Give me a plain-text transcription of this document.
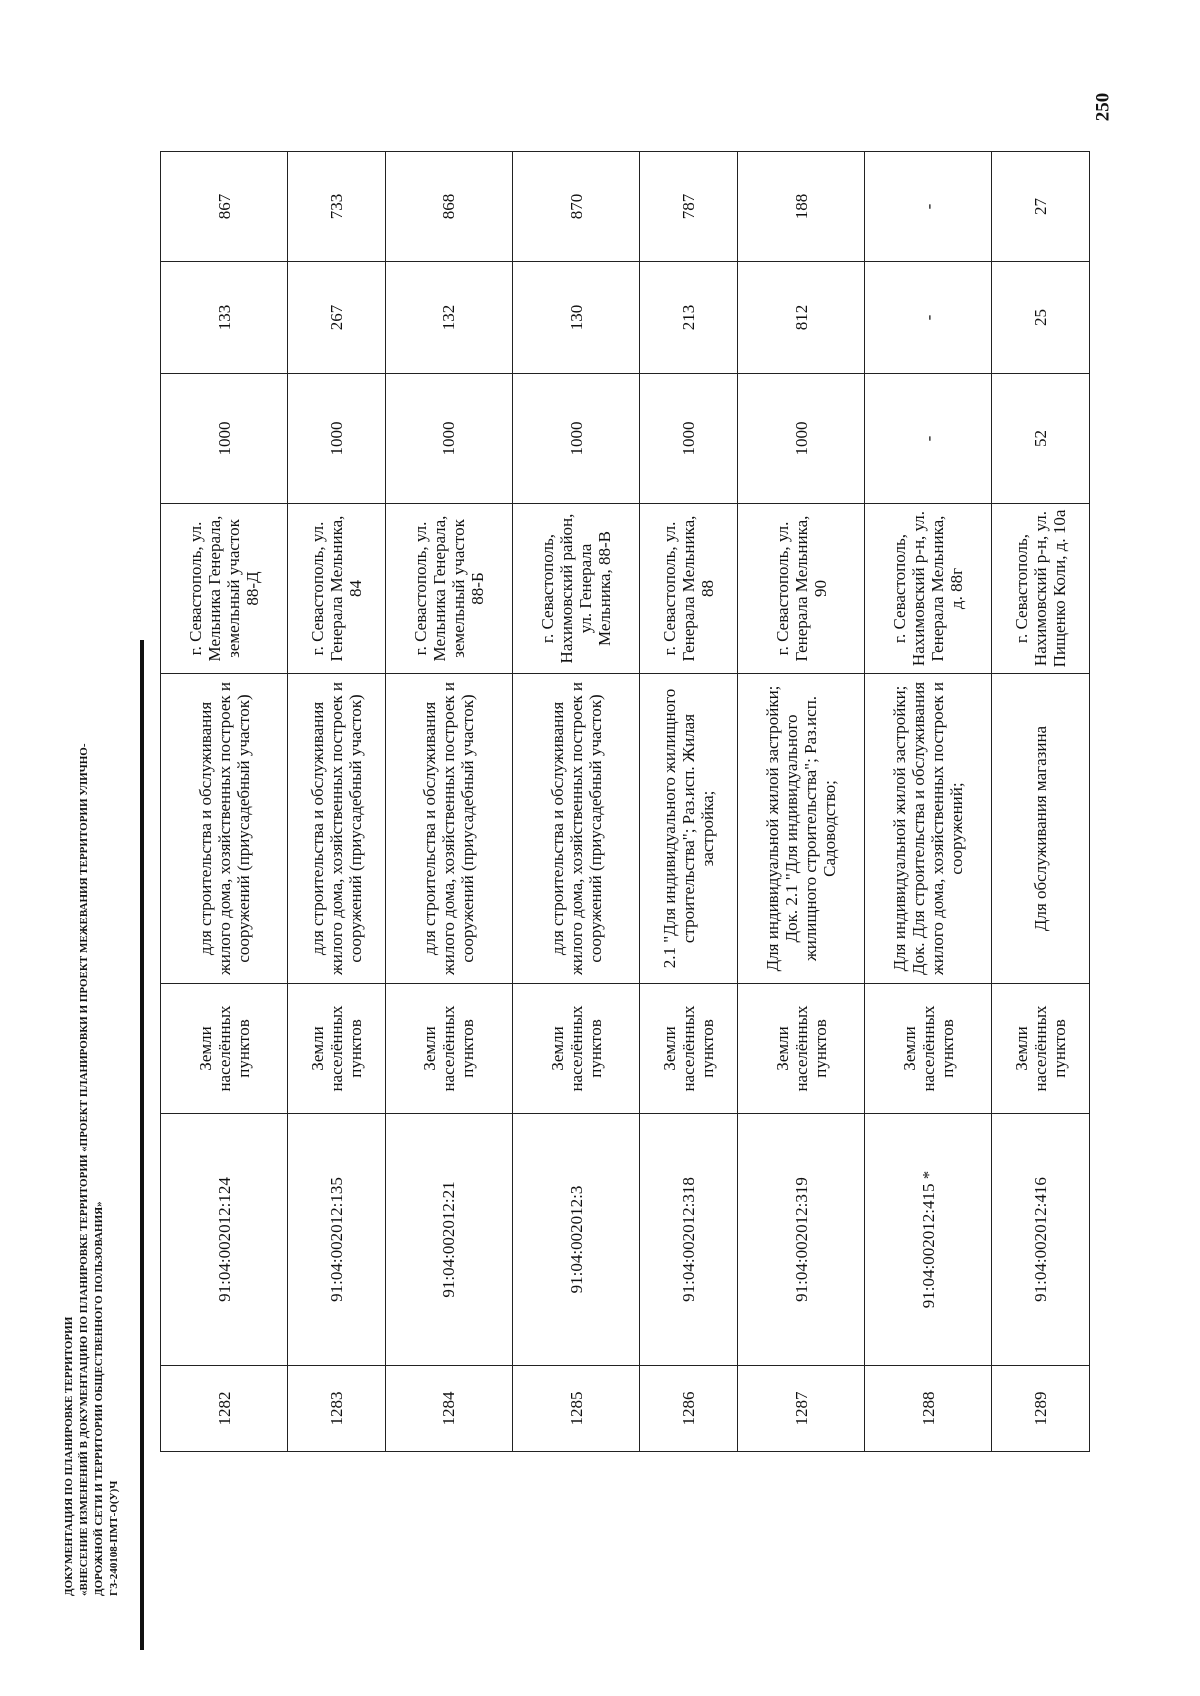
250
ДОКУМЕНТАЦИЯ ПО ПЛАНИРОВКЕ ТЕРРИТОРИИ «ВНЕСЕНИЕ ИЗМЕНЕНИЙ В ДОКУМЕНТАЦИЮ ПО ПЛАНИРОВКЕ ТЕРРИТОРИИ «ПРОЕКТ ПЛАНИРОВКИ И ПРОЕКТ МЕЖЕВАНИЯ ТЕРРИТОРИИ УЛИЧНО- ДОРОЖНОЙ СЕТИ И ТЕРРИТОРИИ ОБЩЕСТВЕННОГО ПОЛЬЗОВАНИЯ» ГЗ-240108-ПМТ-О(У)Ч
1282	91:04:002012:124	Земли населённых пунктов	для строительства и обслуживания жилого дома, хозяйственных построек и сооружений (приусадебный участок)	г. Севастополь, ул. Мельника Генерала, земельный участок 88-Д	1000	133	867
1283	91:04:002012:135	Земли населённых пунктов	для строительства и обслуживания жилого дома, хозяйственных построек и сооружений (приусадебный участок)	г. Севастополь, ул. Генерала Мельника, 84	1000	267	733
1284	91:04:002012:21	Земли населённых пунктов	для строительства и обслуживания жилого дома, хозяйственных построек и сооружений (приусадебный участок)	г. Севастополь, ул. Мельника Генерала, земельный участок 88-Б	1000	132	868
1285	91:04:002012:3	Земли населённых пунктов	для строительства и обслуживания жилого дома, хозяйственных построек и сооружений (приусадебный участок)	г. Севастополь, Нахимовский район, ул. Генерала Мельника, 88-В	1000	130	870
1286	91:04:002012:318	Земли населённых пунктов	2.1 "Для индивидуального жилищного строительства"; Раз.исп. Жилая застройка;	г. Севастополь, ул. Генерала Мельника, 88	1000	213	787
1287	91:04:002012:319	Земли населённых пунктов	Для индивидуальной жилой застройки; Док. 2.1 "Для индивидуального жилищного строительства"; Раз.исп. Садоводство;	г. Севастополь, ул. Генерала Мельника, 90	1000	812	188
1288	91:04:002012:415 *	Земли населённых пунктов	Для индивидуальной жилой застройки; Док. Для строительства и обслуживания жилого дома, хозяйственных построек и сооружений;	г. Севастополь, Нахимовский р-н, ул. Генерала Мельника, д. 88г	-	-	-
1289	91:04:002012:416	Земли населённых пунктов	Для обслуживания магазина	г. Севастополь, Нахимовский р-н, ул. Пищенко Коли, д. 10а	52	25	27
